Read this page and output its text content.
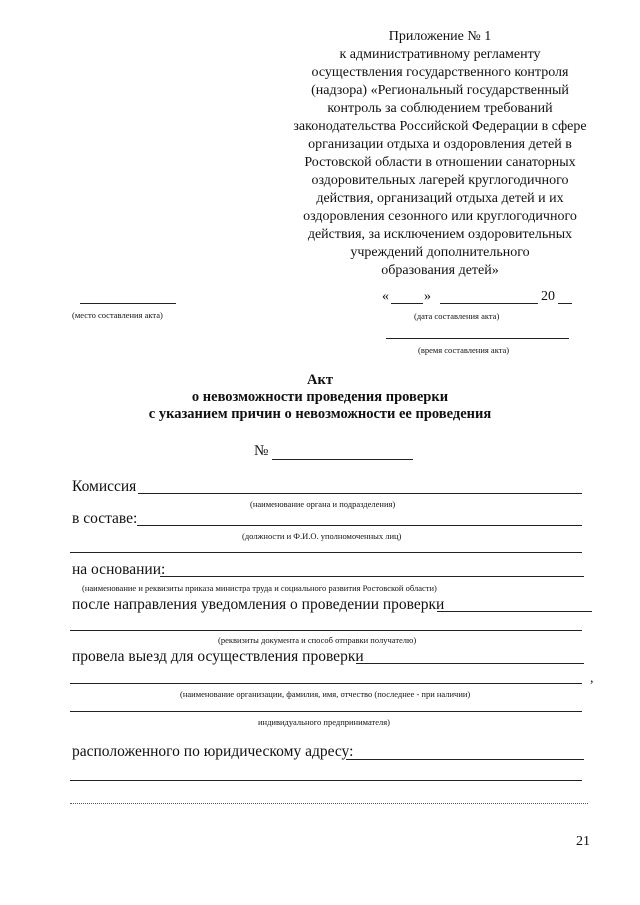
Приложение № 1
к административному регламенту
осуществления государственного контроля
(надзора) «Региональный государственный
контроль за соблюдением требований
законодательства Российской Федерации в сфере
организации отдыха и оздоровления детей в
Ростовской области в отношении санаторных
оздоровительных лагерей круглогодичного
действия, организаций отдыха детей и их
оздоровления сезонного или круглогодичного
действия, за исключением оздоровительных
учреждений дополнительного
образования детей»
(место составления акта)
«	»	20
(дата составления акта)
(время составления акта)
Акт
о невозможности проведения проверки
с указанием причин о невозможности ее проведения
№
Комиссия
(наименование органа и подразделения)
в составе:
(должности и Ф.И.О. уполномоченных лиц)
на основании:
(наименование и реквизиты приказа министра труда и социального развития Ростовской области)
после направления уведомления о проведении проверки
(реквизиты документа и способ отправки получателю)
провела выезд для осуществления проверки
,
(наименование организации, фамилия, имя, отчество (последнее - при наличии)
индивидуального предпринимателя)
расположенного по юридическому адресу:
21
